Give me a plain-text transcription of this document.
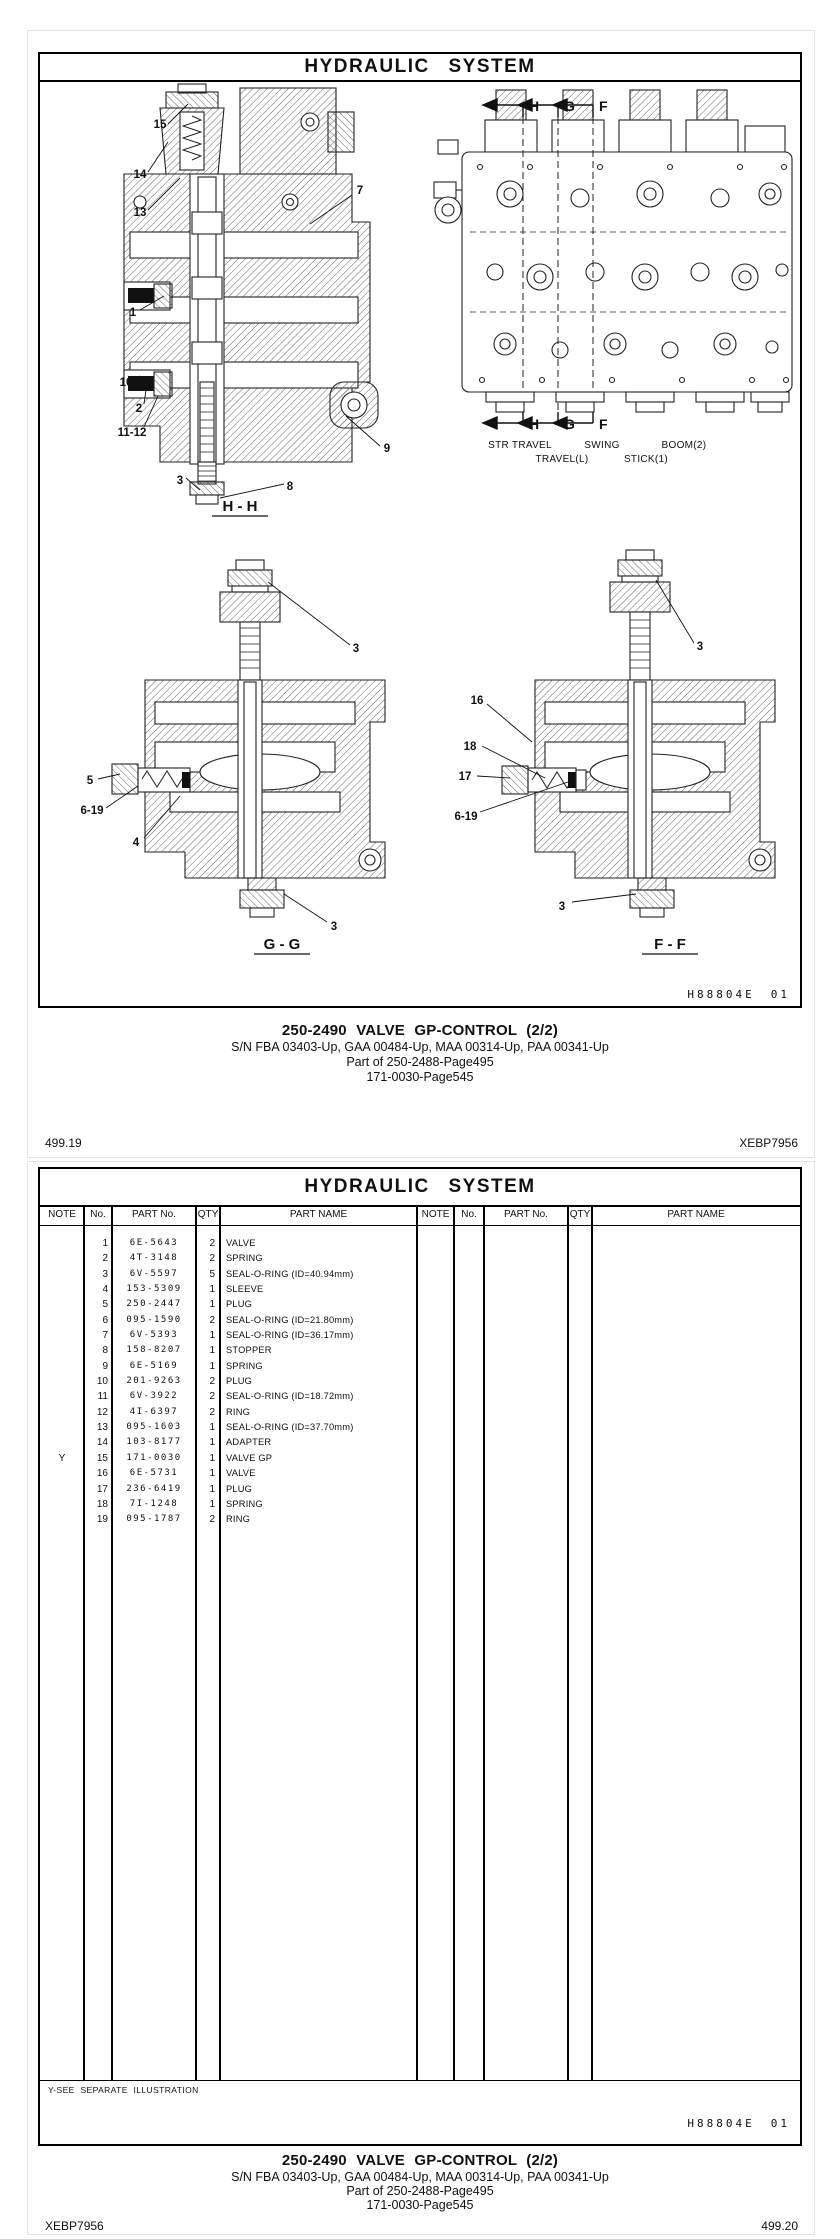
HYDRAULIC SYSTEM
15
14
13
7
1
10
2
11-12
3	8
9
H - H
H G F
H G F
STR TRAVEL	SWING	BOOM(2)
TRAVEL(L)	STICK(1)
3
5
6-19
4
3
G - G
3
16
18
17
6-19
3
F - F
H88804E 01
250-2490 VALVE GP-CONTROL (2/2)
S/N FBA 03403-Up, GAA 00484-Up, MAA 00314-Up, PAA 00341-Up
Part of 250-2488-Page495
171-0030-Page545
499.19	XEBP7956
HYDRAULIC SYSTEM
NOTE	No.	PART No.	QTY	PART NAME	NOTE	No.	PART No.	QTY	PART NAME
1	6E-5643	2	VALVE
2	4T-3148	2	SPRING
3	6V-5597	5	SEAL-O-RING (ID=40.94mm)
4	153-5309	1	SLEEVE
5	250-2447	1	PLUG
6	095-1590	2	SEAL-O-RING (ID=21.80mm)
7	6V-5393	1	SEAL-O-RING (ID=36.17mm)
8	158-8207	1	STOPPER
9	6E-5169	1	SPRING
10	201-9263	2	PLUG
11	6V-3922	2	SEAL-O-RING (ID=18.72mm)
12	4I-6397	2	RING
13	095-1603	1	SEAL-O-RING (ID=37.70mm)
14	103-8177	1	ADAPTER
Y	15	171-0030	1	VALVE GP
16	6E-5731	1	VALVE
17	236-6419	1	PLUG
18	7I-1248	1	SPRING
19	095-1787	2	RING
Y-SEE SEPARATE ILLUSTRATION
H88804E 01
250-2490 VALVE GP-CONTROL (2/2)
S/N FBA 03403-Up, GAA 00484-Up, MAA 00314-Up, PAA 00341-Up
Part of 250-2488-Page495
171-0030-Page545
XEBP7956	499.20
